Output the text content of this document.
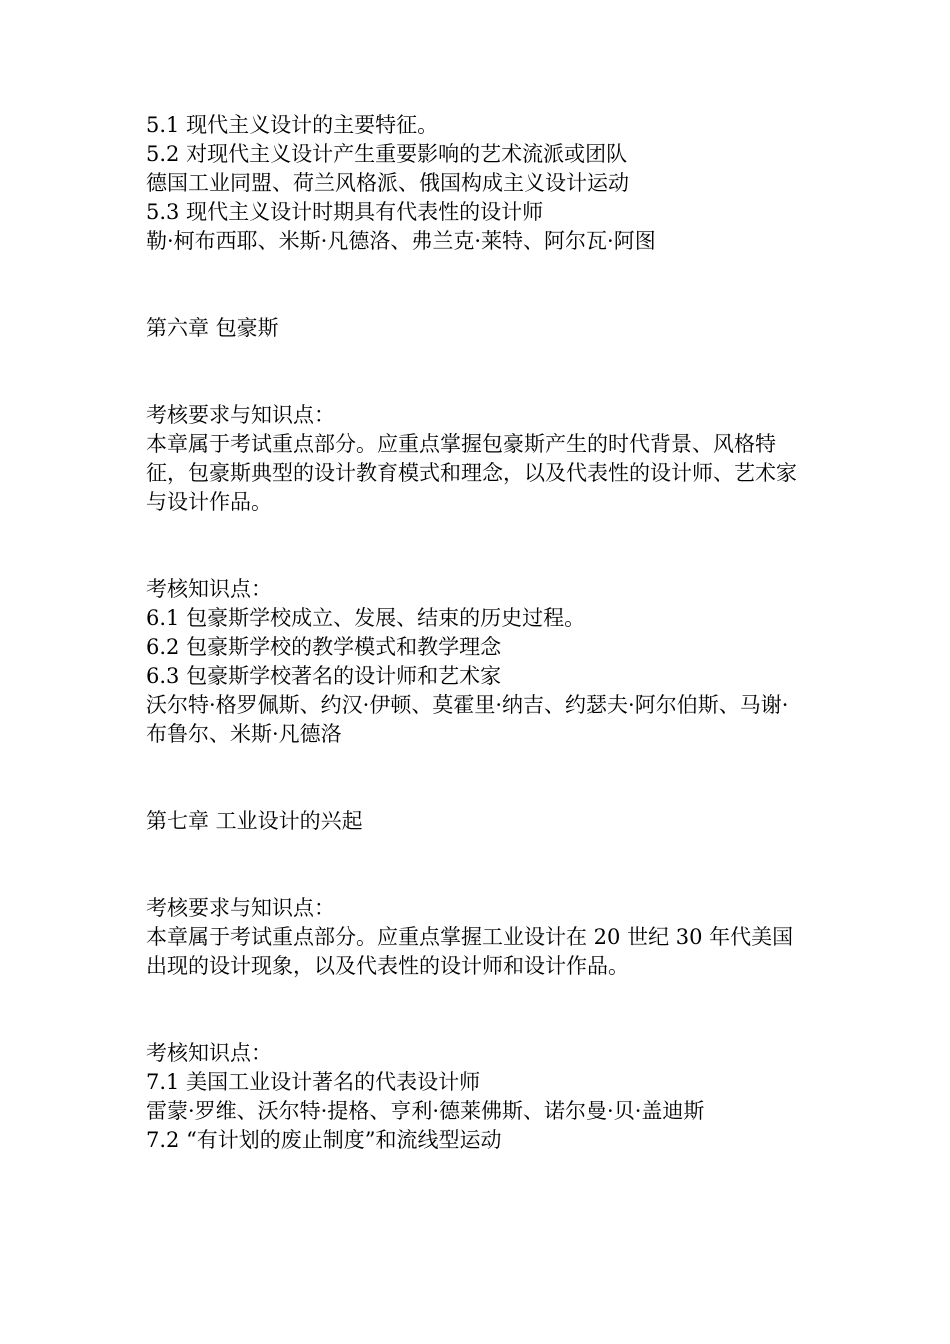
5.1 现代主义设计的主要特征。
5.2 对现代主义设计产生重要影响的艺术流派或团队
德国工业同盟、荷兰风格派、俄国构成主义设计运动
5.3 现代主义设计时期具有代表性的设计师
勒·柯布西耶、米斯·凡德洛、弗兰克·莱特、阿尔瓦·阿图
第六章 包豪斯
考核要求与知识点：
本章属于考试重点部分。应重点掌握包豪斯产生的时代背景、风格特征，包豪斯典型的设计教育模式和理念，以及代表性的设计师、艺术家与设计作品。
考核知识点：
6.1 包豪斯学校成立、发展、结束的历史过程。
6.2 包豪斯学校的教学模式和教学理念
6.3 包豪斯学校著名的设计师和艺术家
沃尔特·格罗佩斯、约汉·伊顿、莫霍里·纳吉、约瑟夫·阿尔伯斯、马谢·布鲁尔、米斯·凡德洛
第七章 工业设计的兴起
考核要求与知识点：
本章属于考试重点部分。应重点掌握工业设计在 20 世纪 30 年代美国出现的设计现象，以及代表性的设计师和设计作品。
考核知识点：
7.1 美国工业设计著名的代表设计师
雷蒙·罗维、沃尔特·提格、亨利·德莱佛斯、诺尔曼·贝·盖迪斯
7.2 “有计划的废止制度”和流线型运动
